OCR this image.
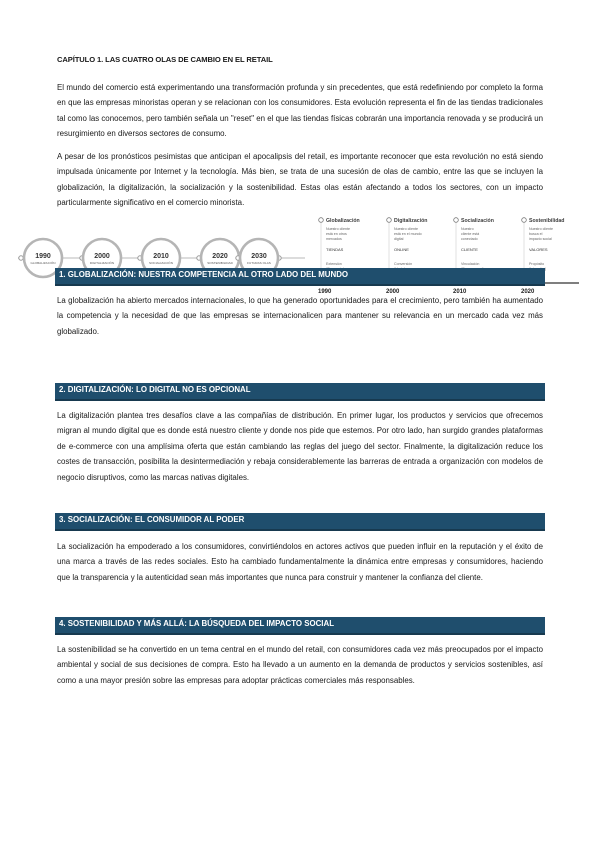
CAPÍTULO 1. LAS CUATRO OLAS DE CAMBIO EN EL RETAIL

El mundo del comercio está experimentando una transformación profunda y sin precedentes, que está redefiniendo por completo la forma en que las empresas minoristas operan y se relacionan con los consumidores. Esta evolución representa el fin de las tiendas tradicionales tal como las conocemos, pero también señala un "reset" en el que las tiendas físicas cobrarán una importancia renovada y se producirá un resurgimiento en diversos sectores de consumo.

A pesar de los pronósticos pesimistas que anticipan el apocalipsis del retail, es importante reconocer que esta revolución no está siendo impulsada únicamente por Internet y la tecnología. Más bien, se trata de una sucesión de olas de cambio, entre las que se incluyen la globalización, la digitalización, la socialización y la sostenibilidad. Estas olas están afectando a todos los sectores, con un impacto particularmente significativo en el comercio minorista.

1990
GLOBALIZACIÓN
2000
DIGITALIZACIÓN
2010
SOCIALIZACIÓN
2020
SOSTENIBILIDAD
2030
FUTURAS OLAS
Globalización
Nuestro cliente
está en otros
mercados
TIENDAS
Extensión
1990
Digitalización
Nuestro cliente
está en el mundo
digital
ONLINE
Conversión
2000
Socialización
Nuestro
cliente está
conectado
CLIENTE
Vinculación
2010
Sostenibilidad
Nuestro cliente
busca el
impacto social
VALORES
Propósito
2020
1. GLOBALIZACIÓN: NUESTRA COMPETENCIA AL OTRO LADO DEL MUNDO

La globalización ha abierto mercados internacionales, lo que ha generado oportunidades para el crecimiento, pero también ha aumentado la competencia y la necesidad de que las empresas se internacionalicen para mantener su relevancia en un mercado cada vez más globalizado.

2. DIGITALIZACIÓN: LO DIGITAL NO ES OPCIONAL

La digitalización plantea tres desafíos clave a las compañías de distribución. En primer lugar, los productos y servicios que ofrecemos migran al mundo digital que es donde está nuestro cliente y donde nos pide que estemos. Por otro lado, han surgido grandes plataformas de e-commerce con una amplísima oferta que están cambiando las reglas del juego del sector. Finalmente, la digitalización reduce los costes de transacción, posibilita la desintermediación y rebaja considerablemente las barreras de entrada a organización con modelos de negocio disruptivos, como las marcas nativas digitales.

3. SOCIALIZACIÓN: EL CONSUMIDOR AL PODER

La socialización ha empoderado a los consumidores, convirtiéndolos en actores activos que pueden influir en la reputación y el éxito de una marca a través de las redes sociales. Esto ha cambiado fundamentalmente la dinámica entre empresas y consumidores, haciendo que la transparencia y la autenticidad sean más importantes que nunca para construir y mantener la confianza del cliente.

4. SOSTENIBILIDAD Y MÁS ALLÁ: LA BÚSQUEDA DEL IMPACTO SOCIAL

La sostenibilidad se ha convertido en un tema central en el mundo del retail, con consumidores cada vez más preocupados por el impacto ambiental y social de sus decisiones de compra. Esto ha llevado a un aumento en la demanda de productos y servicios sostenibles, así como a una mayor presión sobre las empresas para adoptar prácticas comerciales más responsables.
